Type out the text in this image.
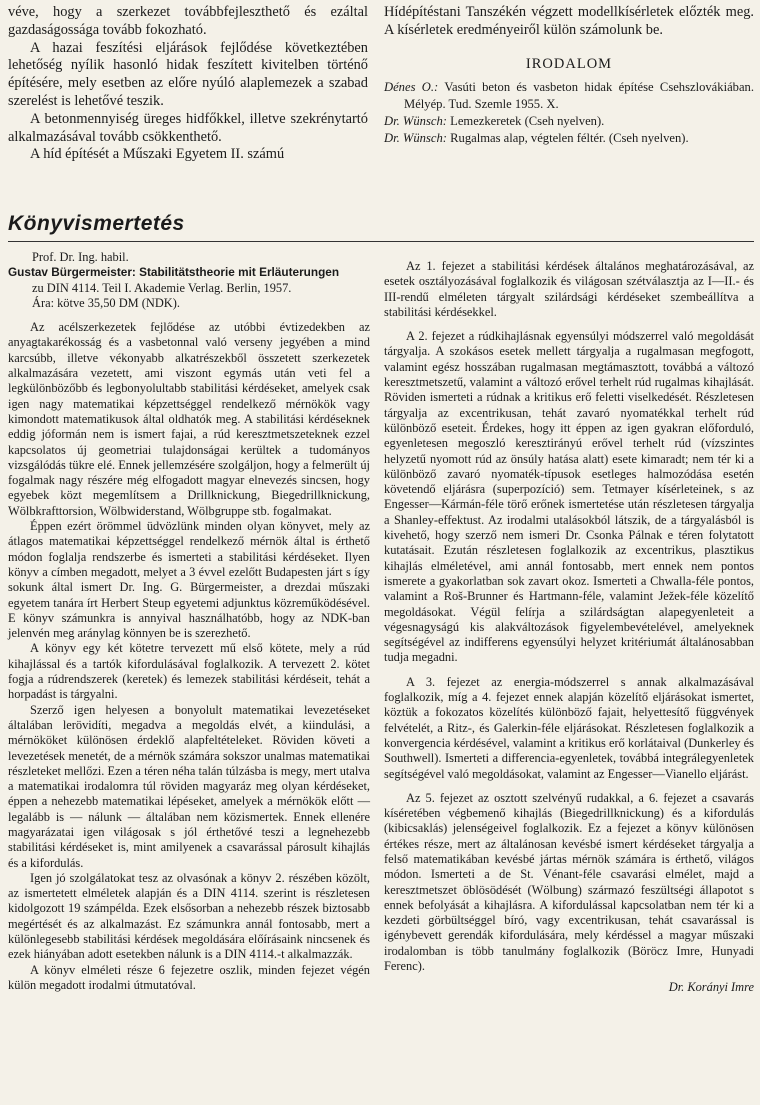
véve, hogy a szerkezet továbbfejleszthető és ezáltal gazdaságossága tovább fokozható.

A hazai feszítési eljárások fejlődése következtében lehetőség nyílik hasonló hidak feszített kivitelben történő építésére, mely esetben az előre nyúló alaplemezek a szabad szerelést is lehetővé teszik.

A betonmennyiség üreges hidfőkkel, illetve szekrénytartó alkalmazásával tovább csökkenthető.

A híd építését a Műszaki Egyetem II. számú

Hídépítéstani Tanszékén végzett modellkísérletek előzték meg. A kísérletek eredményeiről külön számolunk be.

IRODALOM

Dénes O.: Vasúti beton és vasbeton hidak építése Csehszlovákiában. Mélyép. Tud. Szemle 1955. X.

Dr. Wünsch: Lemezkeretek (Cseh nyelven).

Dr. Wünsch: Rugalmas alap, végtelen féltér. (Cseh nyelven).

Könyvismertetés

Prof. Dr. Ing. habil.

Gustav Bürgermeister: Stabilitätstheorie mit Erläuterungen

zu DIN 4114. Teil I. Akademie Verlag. Berlin, 1957.

Ára: kötve 35,50 DM (NDK).

Az acélszerkezetek fejlődése az utóbbi évtizedekben az anyagtakarékosság és a vasbetonnal való verseny jegyében a mind karcsúbb, illetve vékonyabb alkatrészekből összetett szerkezetek alkalmazására vezetett, ami viszont egymás után veti fel a legkülönbözőbb és legbonyolultabb stabilitási kérdéseket, amelyek csak igen nagy matematikai képzettséggel rendelkező mérnökök vagy kimondott matematikusok által oldhatók meg. A stabilitási kérdéseknek eddig jóformán nem is ismert fajai, a rúd keresztmetszeteknek ezzel kapcsolatos új geometriai tulajdonságai kerültek a tudományos vizsgálódás tükre elé. Ennek jellemzésére szolgáljon, hogy a felmerült új fogalmak nagy részére még elfogadott magyar elnevezés sincsen, hogy egyebek közt megemlítsem a Drillknickung, Biegedrillknickung, Wölbkrafttorsion, Wölbwiderstand, Wölbgruppe stb. fogalmakat.

Éppen ezért örömmel üdvözlünk minden olyan könyvet, mely az átlagos matematikai képzettséggel rendelkező mérnök által is érthető módon foglalja rendszerbe és ismerteti a stabilitási kérdéseket. Ilyen könyv a címben megadott, melyet a 3 évvel ezelőtt Budapesten járt s így sokunk által ismert Dr. Ing. G. Bürgermeister, a drezdai műszaki egyetem tanára írt Herbert Steup egyetemi adjunktus közreműködésével. E könyv számunkra is annyival használhatóbb, hogy az NDK-ban jelenvén meg aránylag könnyen be is szerezhető.

A könyv egy két kötetre tervezett mű első kötete, mely a rúd kihajlással és a tartók kifordulásával foglalkozik. A tervezett 2. kötet fogja a rúdrendszerek (keretek) és lemezek stabilitási kérdéseit, tehát a horpadást is tárgyalni.

Szerző igen helyesen a bonyolult matematikai levezetéseket általában lerövidíti, megadva a megoldás elvét, a kiindulási, a mérnököket különösen érdeklő alapfeltételeket. Röviden követi a levezetések menetét, de a mérnök számára sokszor unalmas matematikai részleteket mellőzi. Ezen a téren néha talán túlzásba is megy, mert utalva a matematikai irodalomra túl röviden magyaráz meg olyan kérdéseket, éppen a nehezebb matematikai lépéseket, amelyek a mérnökök előtt — legalább is — nálunk — általában nem közismertek. Ennek ellenére magyarázatai igen világosak s jól érthetővé teszi a legnehezebb stabilitási kérdéseket is, mint amilyenek a csavarással párosult kihajlás és a kifordulás.

Igen jó szolgálatokat tesz az olvasónak a könyv 2. részében közölt, az ismertetett elméletek alapján és a DIN 4114. szerint is részletesen kidolgozott 19 számpélda. Ezek elsősorban a nehezebb részek biztosabb megértését és az alkalmazást. Ez számunkra annál fontosabb, mert a különlegesebb stabilitási kérdések megoldására előírásaink nincsenek és ezek hiányában adott esetekben nálunk is a DIN 4114.-t alkalmazzák.

A könyv elméleti része 6 fejezetre oszlik, minden fejezet végén külön megadott irodalmi útmutatóval.

Az 1. fejezet a stabilitási kérdések általános meghatározásával, az esetek osztályozásával foglalkozik és világosan szétválasztja az I—II.- és III-rendű elméleten tárgyalt szilárdsági kérdéseket szembeállítva a stabilitási kérdésekkel.

A 2. fejezet a rúdkihajlásnak egyensúlyi módszerrel való megoldását tárgyalja. A szokásos esetek mellett tárgyalja a rugalmasan megfogott, valamint egész hosszában rugalmasan megtámasztott, továbbá a változó keresztmetszetű, valamint a változó erővel terhelt rúd rugalmas kihajlását. Röviden ismerteti a rúdnak a kritikus erő feletti viselkedését. Részletesen tárgyalja az excentrikusan, tehát zavaró nyomatékkal terhelt rúd különböző eseteit. Érdekes, hogy itt éppen az igen gyakran előforduló, egyenletesen megoszló keresztirányú erővel terhelt rúd (vízszintes helyzetű nyomott rúd az önsúly hatása alatt) esete kimaradt; nem tér ki a különböző zavaró nyomaték-típusok esetleges halmozódása esetén követendő eljárásra (superpozíció) sem. Tetmayer kísérleteinek, s az Engesser—Kármán-féle törő erőnek ismertetése után részletesen tárgyalja a Shanley-effektust. Az irodalmi utalásokból látszik, de a tárgyalásból is kivehető, hogy szerző nem ismeri Dr. Csonka Pálnak e téren folytatott kutatásait. Ezután részletesen foglalkozik az excentrikus, plasztikus kihajlás elméletével, ami annál fontosabb, mert ennek nem pontos ismerete a gyakorlatban sok zavart okoz. Ismerteti a Chwalla-féle pontos, valamint a Roš-Brunner és Hartmann-féle, valamint Ježek-féle közelítő megoldásokat. Végül felírja a szilárdságtan alapegyenleteit a végesnagyságú kis alakváltozások figyelembevételével, amelyeknek segítségével az indifferens egyensúlyi helyzet kritériumát általánosabban tudja megadni.

A 3. fejezet az energia-módszerrel s annak alkalmazásával foglalkozik, míg a 4. fejezet ennek alapján közelítő eljárásokat ismertet, köztük a fokozatos közelítés különböző fajait, helyettesítő függvények felvételét, a Ritz-, és Galerkin-féle eljárásokat. Részletesen foglalkozik a konvergencia kérdésével, valamint a kritikus erő korlátaival (Dunkerley és Southwell). Ismerteti a differencia-egyenletek, továbbá integrálegyenletek segítségével való megoldásokat, valamint az Engesser—Vianello eljárást.

Az 5. fejezet az osztott szelvényű rudakkal, a 6. fejezet a csavarás kíséretében végbemenő kihajlás (Biegedrillknickung) és a kifordulás (kibicsaklás) jelenségeivel foglalkozik. Ez a fejezet a könyv különösen értékes része, mert az általánosan kevésbé ismert kérdéseket tárgyalja a felső matematikában kevésbé jártas mérnök számára is érthető, világos módon. Ismerteti a de St. Vénant-féle csavarási elmélet, majd a keresztmetszet öblösödését (Wölbung) származó feszültségi állapotot s ennek befolyását a kihajlásra. A kifordulással kapcsolatban nem tér ki a kezdeti görbültséggel bíró, vagy excentrikusan, tehát csavarással is igénybevett gerendák kifordulására, mely kérdéssel a magyar műszaki irodalomban is több tanulmány foglalkozik (Böröcz Imre, Hunyadi Ferenc).

Dr. Korányi Imre
